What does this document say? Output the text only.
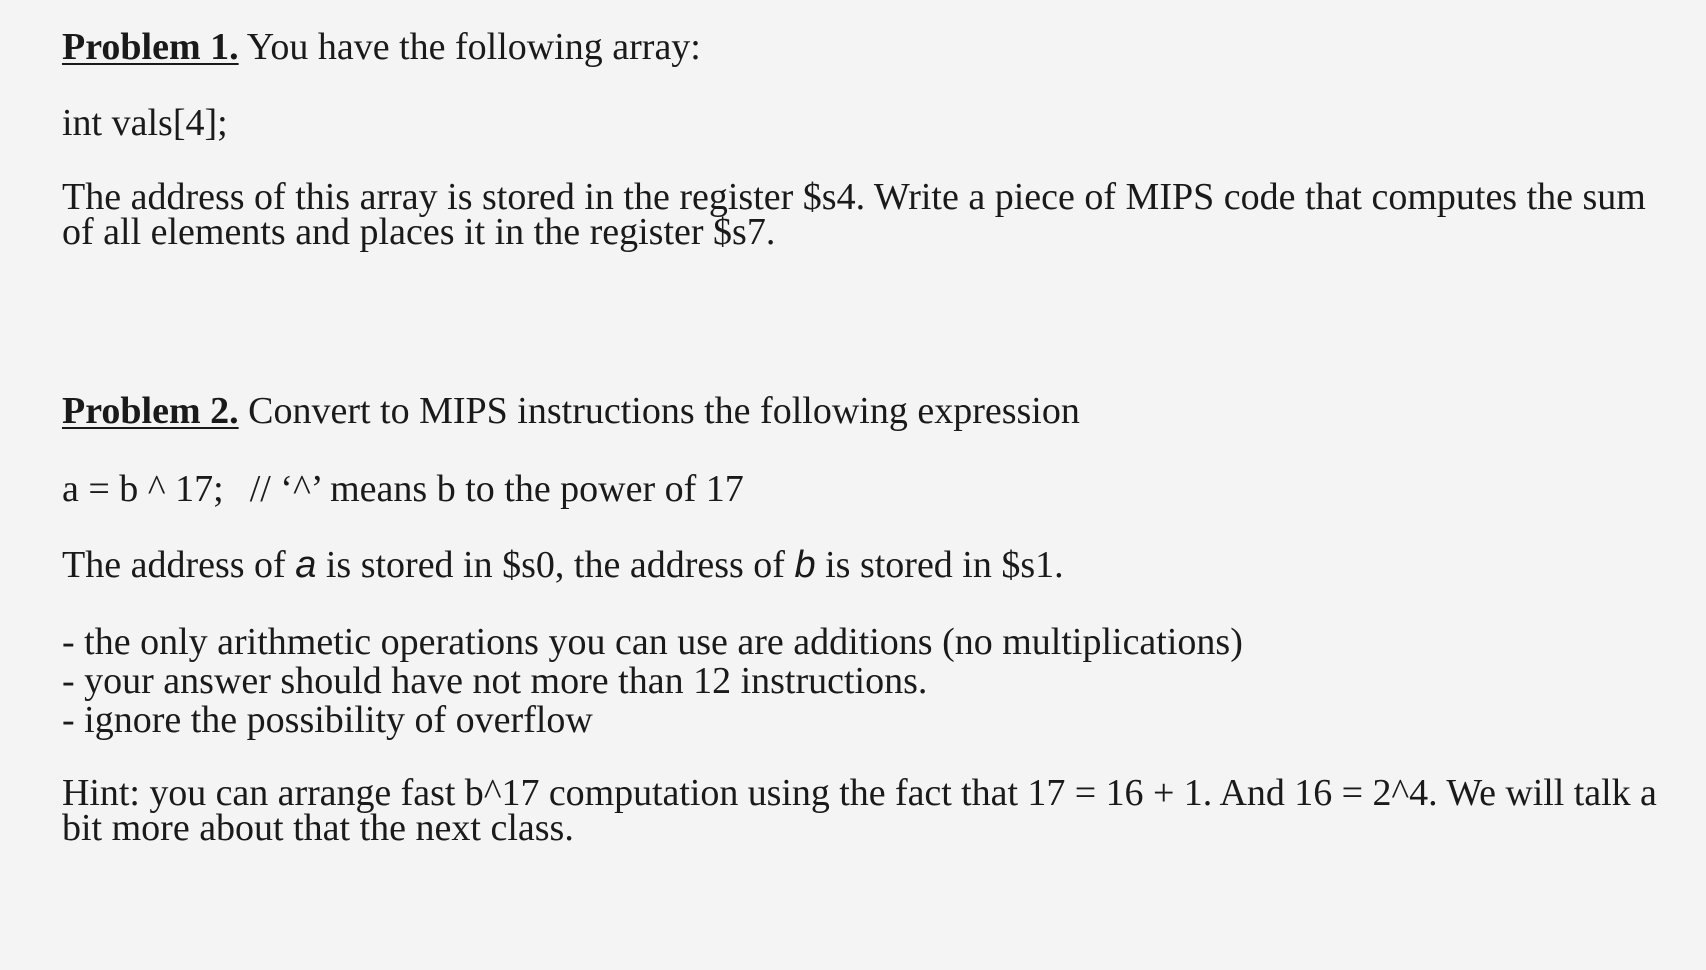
Problem 1. You have the following array:
int vals[4];
The address of this array is stored in the register $s4. Write a piece of MIPS code that computes the sum
of all elements and places it in the register $s7.
Problem 2. Convert to MIPS instructions the following expression
a = b ^ 17; // ‘^’ means b to the power of 17
The address of a is stored in $s0, the address of b is stored in $s1.
- the only arithmetic operations you can use are additions (no multiplications)
- your answer should have not more than 12 instructions.
- ignore the possibility of overflow
Hint: you can arrange fast b^17 computation using the fact that 17 = 16 + 1. And 16 = 2^4. We will talk a
bit more about that the next class.
